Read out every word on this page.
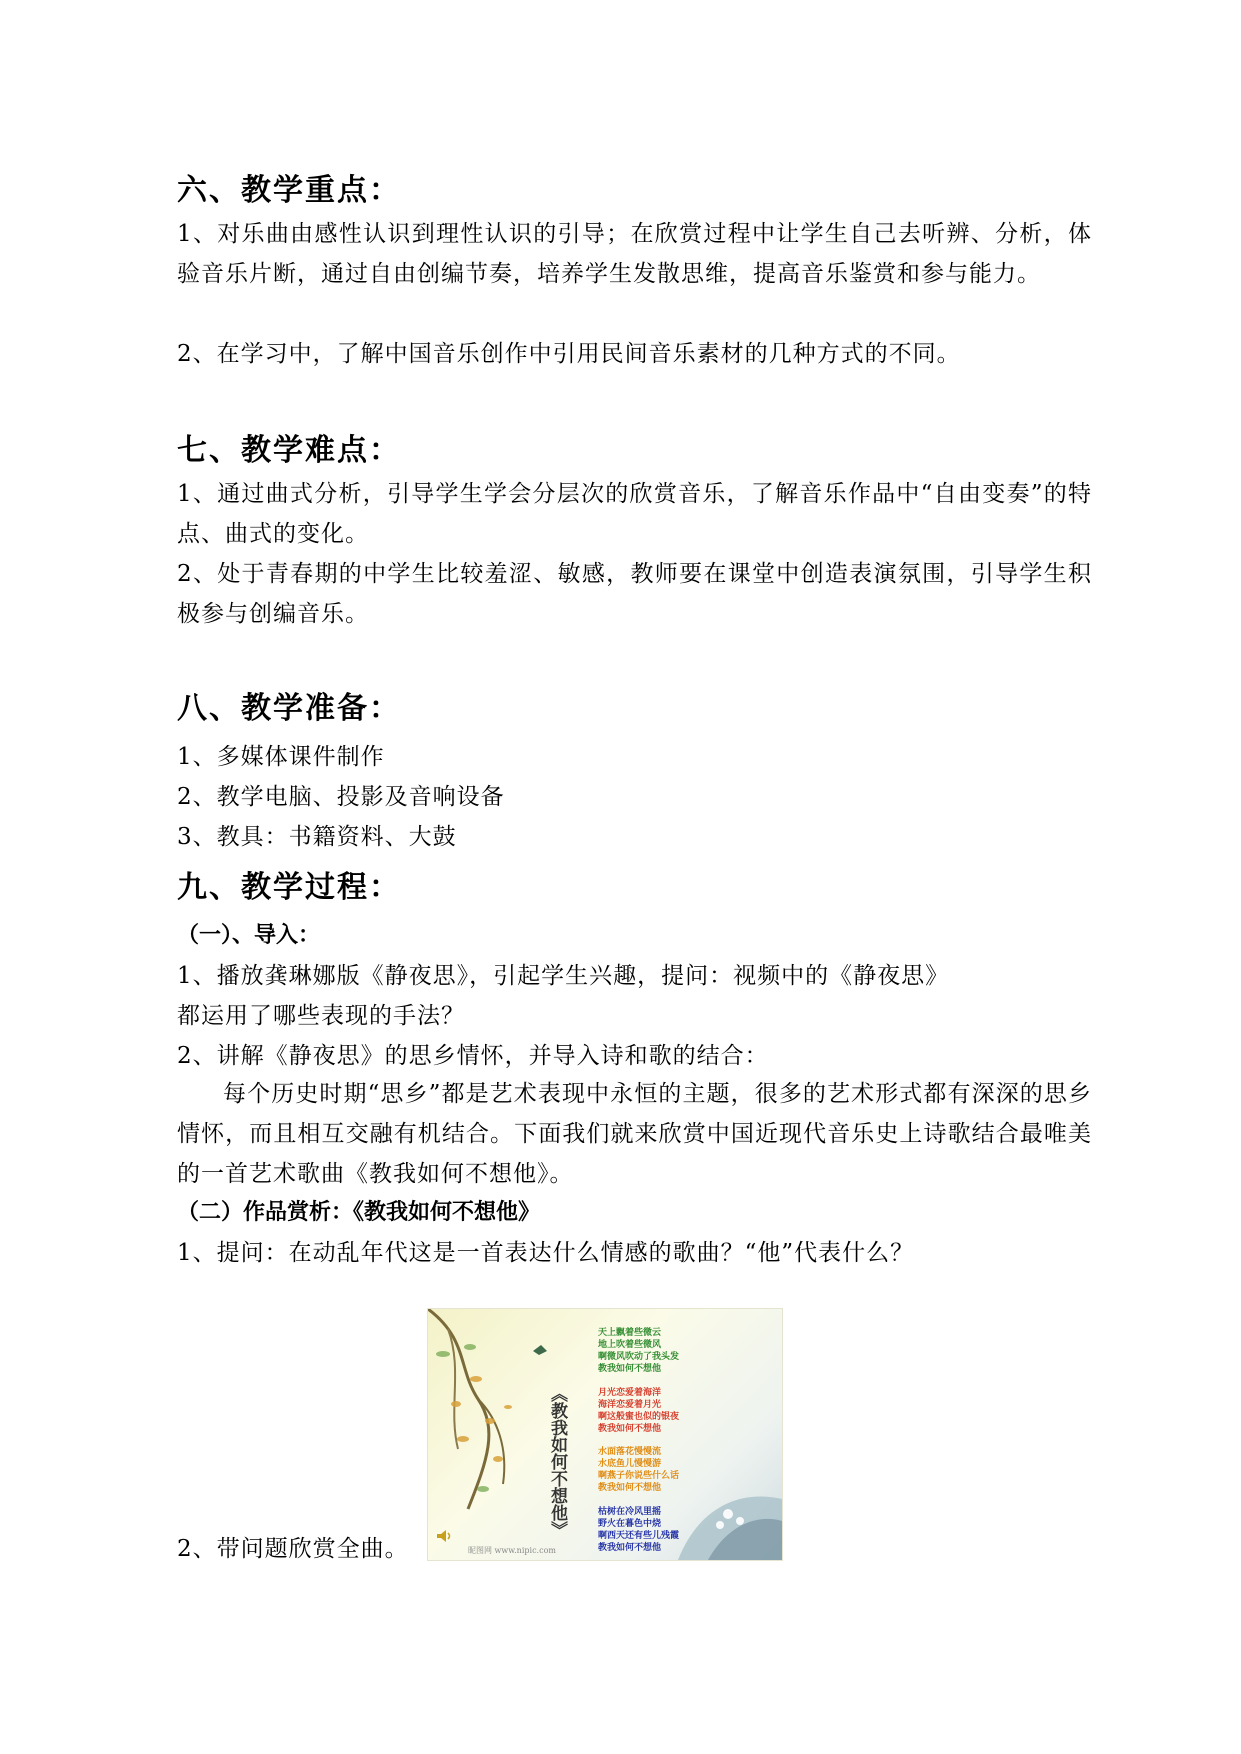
六、教学重点：

1、对乐曲由感性认识到理性认识的引导；在欣赏过程中让学生自己去听辨、分析，体验音乐片断，通过自由创编节奏，培养学生发散思维，提高音乐鉴赏和参与能力。

2、在学习中，了解中国音乐创作中引用民间音乐素材的几种方式的不同。

七、教学难点：

1、通过曲式分析，引导学生学会分层次的欣赏音乐，了解音乐作品中“自由变奏”的特点、曲式的变化。

2、处于青春期的中学生比较羞涩、敏感，教师要在课堂中创造表演氛围，引导学生积极参与创编音乐。

八、教学准备：
1、多媒体课件制作
2、教学电脑、投影及音响设备
3、教具：书籍资料、大鼓
九、教学过程：
（一）、导入：
1、播放龚琳娜版《静夜思》，引起学生兴趣，提问：视频中的《静夜思》
都运用了哪些表现的手法？
2、讲解《静夜思》的思乡情怀，并导入诗和歌的结合：

每个历史时期“思乡”都是艺术表现中永恒的主题，很多的艺术形式都有深深的思乡情怀，而且相互交融有机结合。下面我们就来欣赏中国近现代音乐史上诗歌结合最唯美的一首艺术歌曲《教我如何不想他》。

（二）作品赏析：《教我如何不想他》
1、提问：在动乱年代这是一首表达什么情感的歌曲？“他”代表什么？
2、带问题欣赏全曲。
《教我如何不想他》
天上飘着些微云
地上吹着些微风
啊微风吹动了我头发
教我如何不想他
月光恋爱着海洋
海洋恋爱着月光
啊这般蜜也似的银夜
教我如何不想他
水面落花慢慢流
水底鱼儿慢慢游
啊燕子你说些什么话
教我如何不想他
枯树在冷风里摇
野火在暮色中烧
啊西天还有些儿残霞
教我如何不想他
昵图网 www.nipic.com
